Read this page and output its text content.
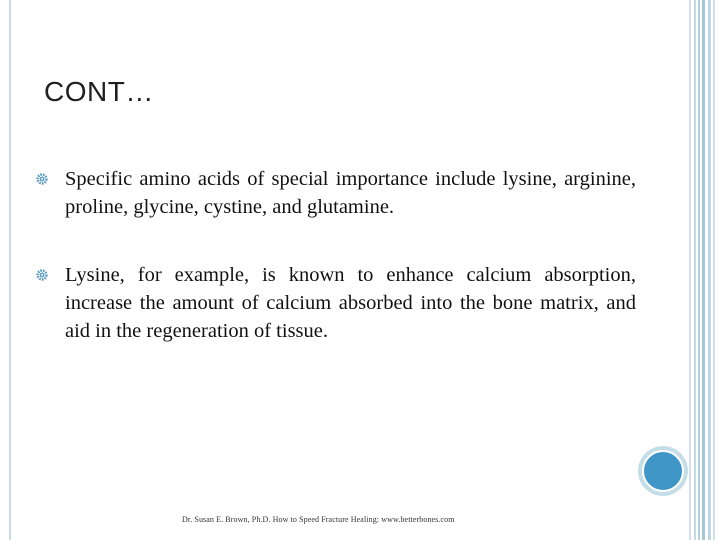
CONT…
Specific amino acids of special importance include lysine, arginine, proline, glycine, cystine, and glutamine.
Lysine, for example, is known to enhance calcium absorption, increase the amount of calcium absorbed into the bone matrix, and aid in the regeneration of tissue.
Dr. Susan E. Brown, Ph.D. How to Speed Fracture Healing: www.betterbones.com
